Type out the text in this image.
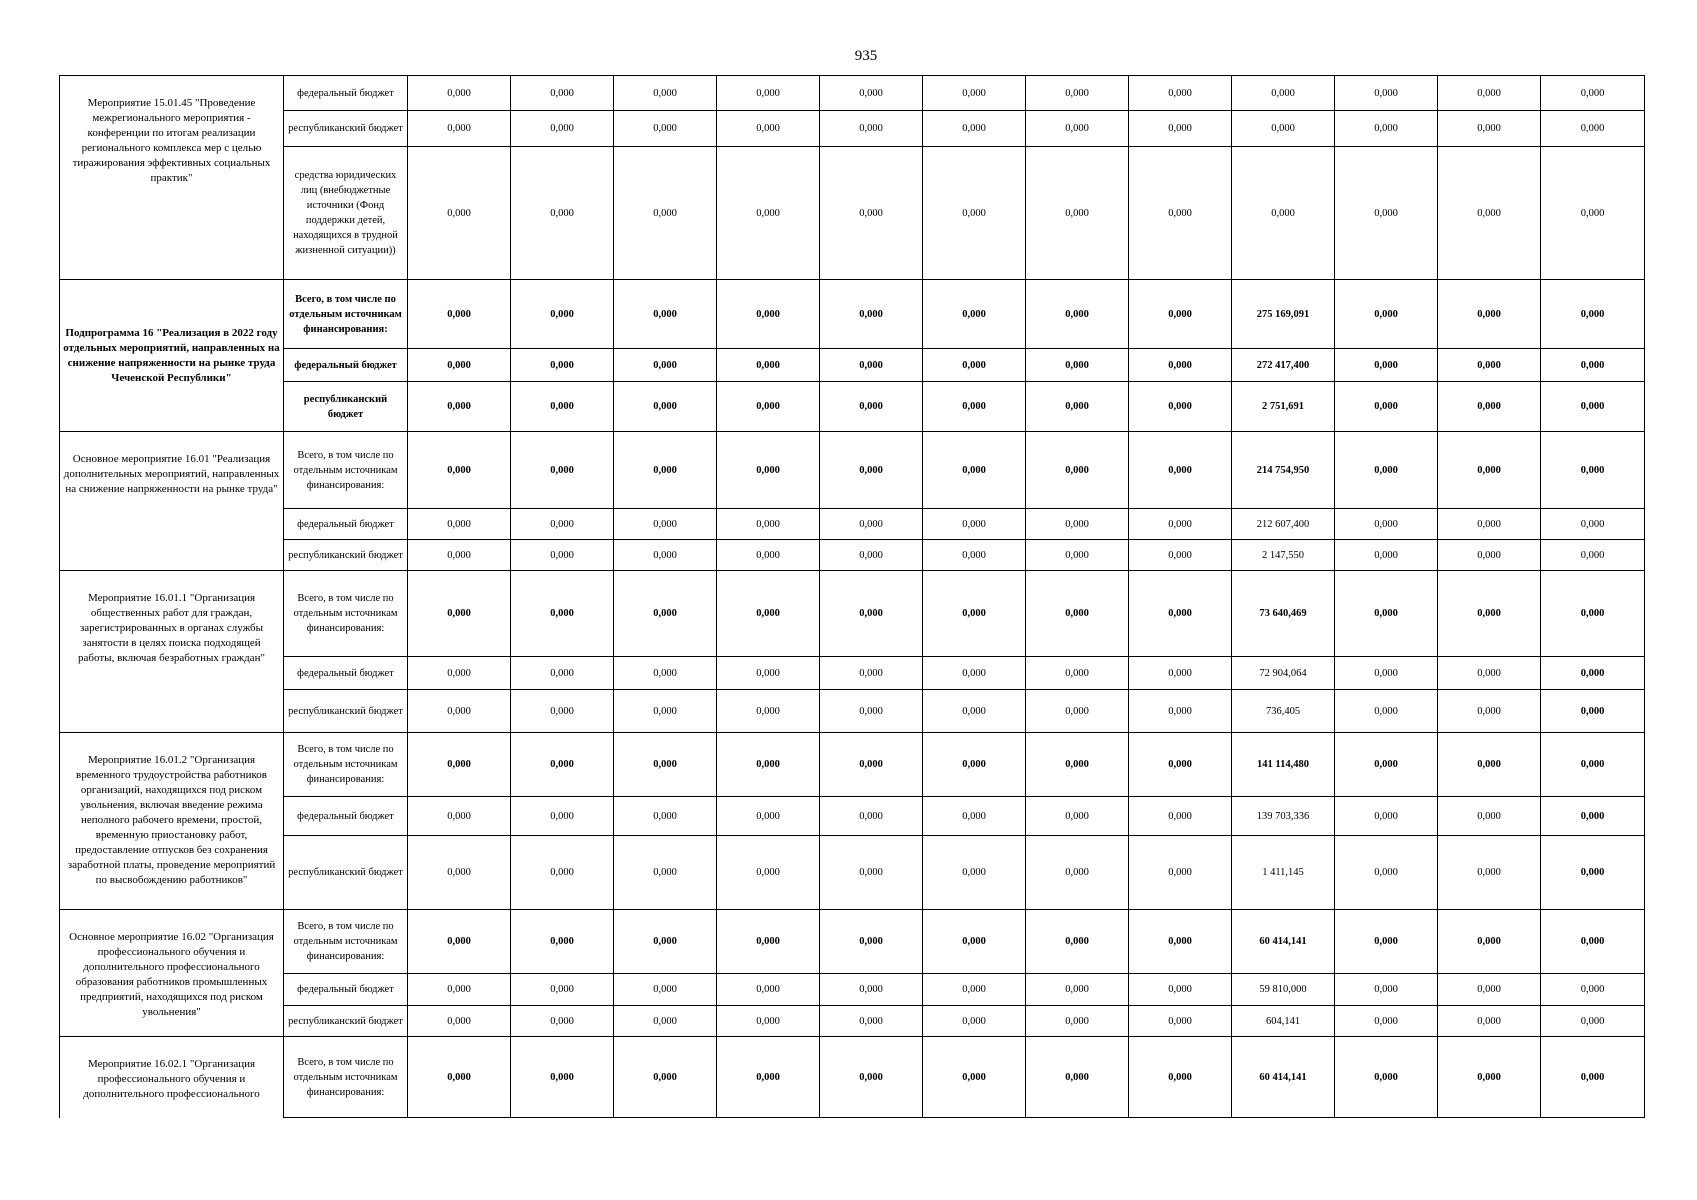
935
Мероприятие 15.01.45 "Проведение межрегионального мероприятия - конференции по итогам реализации регионального комплекса мер с целью тиражирования эффективных социальных практик"	федеральный бюджет	0,000	0,000	0,000	0,000	0,000	0,000	0,000	0,000	0,000	0,000	0,000	0,000
	республиканский бюджет	0,000	0,000	0,000	0,000	0,000	0,000	0,000	0,000	0,000	0,000	0,000	0,000
	средства юридических лиц (внебюджетные источники (Фонд поддержки детей, находящихся в трудной жизненной ситуации))	0,000	0,000	0,000	0,000	0,000	0,000	0,000	0,000	0,000	0,000	0,000	0,000
Подпрограмма 16 "Реализация в 2022 году отдельных мероприятий, направленных на снижение напряженности на рынке труда Чеченской Республики"	Всего, в том числе по отдельным источникам финансирования:	0,000	0,000	0,000	0,000	0,000	0,000	0,000	0,000	275 169,091	0,000	0,000	0,000
	федеральный бюджет	0,000	0,000	0,000	0,000	0,000	0,000	0,000	0,000	272 417,400	0,000	0,000	0,000
	республиканский бюджет	0,000	0,000	0,000	0,000	0,000	0,000	0,000	0,000	2 751,691	0,000	0,000	0,000
Основное мероприятие 16.01 "Реализация дополнительных мероприятий, направленных на снижение напряженности на рынке труда"	Всего, в том числе по отдельным источникам финансирования:	0,000	0,000	0,000	0,000	0,000	0,000	0,000	0,000	214 754,950	0,000	0,000	0,000
	федеральный бюджет	0,000	0,000	0,000	0,000	0,000	0,000	0,000	0,000	212 607,400	0,000	0,000	0,000
	республиканский бюджет	0,000	0,000	0,000	0,000	0,000	0,000	0,000	0,000	2 147,550	0,000	0,000	0,000
Мероприятие 16.01.1 "Организация общественных работ для граждан, зарегистрированных в органах службы занятости в целях поиска подходящей работы, включая безработных граждан"	Всего, в том числе по отдельным источникам финансирования:	0,000	0,000	0,000	0,000	0,000	0,000	0,000	0,000	73 640,469	0,000	0,000	0,000
	федеральный бюджет	0,000	0,000	0,000	0,000	0,000	0,000	0,000	0,000	72 904,064	0,000	0,000	0,000
	республиканский бюджет	0,000	0,000	0,000	0,000	0,000	0,000	0,000	0,000	736,405	0,000	0,000	0,000
Мероприятие 16.01.2 "Организация временного трудоустройства работников организаций, находящихся под риском увольнения, включая введение режима неполного рабочего времени, простой, временную приостановку работ, предоставление отпусков без сохранения заработной платы, проведение мероприятий по высвобождению работников"	Всего, в том числе по отдельным источникам финансирования:	0,000	0,000	0,000	0,000	0,000	0,000	0,000	0,000	141 114,480	0,000	0,000	0,000
	федеральный бюджет	0,000	0,000	0,000	0,000	0,000	0,000	0,000	0,000	139 703,336	0,000	0,000	0,000
	республиканский бюджет	0,000	0,000	0,000	0,000	0,000	0,000	0,000	0,000	1 411,145	0,000	0,000	0,000
Основное мероприятие 16.02 "Организация профессионального обучения и дополнительного профессионального образования работников промышленных предприятий, находящихся под риском увольнения"	Всего, в том числе по отдельным источникам финансирования:	0,000	0,000	0,000	0,000	0,000	0,000	0,000	0,000	60 414,141	0,000	0,000	0,000
	федеральный бюджет	0,000	0,000	0,000	0,000	0,000	0,000	0,000	0,000	59 810,000	0,000	0,000	0,000
	республиканский бюджет	0,000	0,000	0,000	0,000	0,000	0,000	0,000	0,000	604,141	0,000	0,000	0,000
Мероприятие 16.02.1 "Организация профессионального обучения и дополнительного профессионального	Всего, в том числе по отдельным источникам финансирования:	0,000	0,000	0,000	0,000	0,000	0,000	0,000	0,000	60 414,141	0,000	0,000	0,000
